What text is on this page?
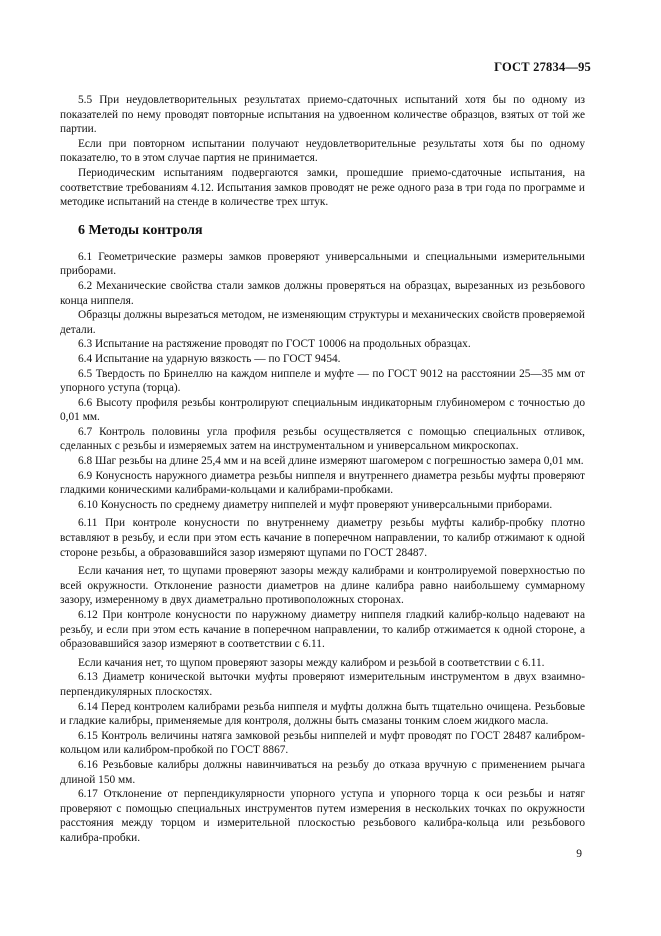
ГОСТ 27834—95

5.5 При неудовлетворительных результатах приемо-сдаточных испытаний хотя бы по одному из показателей по нему проводят повторные испытания на удвоенном количестве образцов, взятых от той же партии.

Если при повторном испытании получают неудовлетворительные результаты хотя бы по одному показателю, то в этом случае партия не принимается.

Периодическим испытаниям подвергаются замки, прошедшие приемо-сдаточные испытания, на соответствие требованиям 4.12. Испытания замков проводят не реже одного раза в три года по программе и методике испытаний на стенде в количестве трех штук.

6 Методы контроля

6.1 Геометрические размеры замков проверяют универсальными и специальными измерительными приборами.

6.2 Механические свойства стали замков должны проверяться на образцах, вырезанных из резьбового конца ниппеля.

Образцы должны вырезаться методом, не изменяющим структуры и механических свойств проверяемой детали.

6.3 Испытание на растяжение проводят по ГОСТ 10006 на продольных образцах.

6.4 Испытание на ударную вязкость — по ГОСТ 9454.

6.5 Твердость по Бринеллю на каждом ниппеле и муфте — по ГОСТ 9012 на расстоянии 25—35 мм от упорного уступа (торца).

6.6 Высоту профиля резьбы контролируют специальным индикаторным глубиномером с точностью до 0,01 мм.

6.7 Контроль половины угла профиля резьбы осуществляется с помощью специальных отливок, сделанных с резьбы и измеряемых затем на инструментальном и универсальном микроскопах.

6.8 Шаг резьбы на длине 25,4 мм и на всей длине измеряют шагомером с погрешностью замера 0,01 мм.

6.9 Конусность наружного диаметра резьбы ниппеля и внутреннего диаметра резьбы муфты проверяют гладкими коническими калибрами-кольцами и калибрами-пробками.

6.10 Конусность по среднему диаметру ниппелей и муфт проверяют универсальными приборами.

6.11 При контроле конусности по внутреннему диаметру резьбы муфты калибр-пробку плотно вставляют в резьбу, и если при этом есть качание в поперечном направлении, то калибр отжимают к одной стороне резьбы, а образовавшийся зазор измеряют щупами по ГОСТ 28487.

Если качания нет, то щупами проверяют зазоры между калибрами и контролируемой поверхностью по всей окружности. Отклонение разности диаметров на длине калибра равно наибольшему суммарному зазору, измеренному в двух диаметрально противоположных сторонах.

6.12 При контроле конусности по наружному диаметру ниппеля гладкий калибр-кольцо надевают на резьбу, и если при этом есть качание в поперечном направлении, то калибр отжимается к одной стороне, а образовавшийся зазор измеряют в соответствии с 6.11.

Если качания нет, то щупом проверяют зазоры между калибром и резьбой в соответствии с 6.11.

6.13 Диаметр конической выточки муфты проверяют измерительным инструментом в двух взаимно-перпендикулярных плоскостях.

6.14 Перед контролем калибрами резьба ниппеля и муфты должна быть тщательно очищена. Резьбовые и гладкие калибры, применяемые для контроля, должны быть смазаны тонким слоем жидкого масла.

6.15 Контроль величины натяга замковой резьбы ниппелей и муфт проводят по ГОСТ 28487 калибром-кольцом или калибром-пробкой по ГОСТ 8867.

6.16 Резьбовые калибры должны навинчиваться на резьбу до отказа вручную с применением рычага длиной 150 мм.

6.17 Отклонение от перпендикулярности упорного уступа и упорного торца к оси резьбы и натяг проверяют с помощью специальных инструментов путем измерения в нескольких точках по окружности расстояния между торцом и измерительной плоскостью резьбового калибра-кольца или резьбового калибра-пробки.

9
